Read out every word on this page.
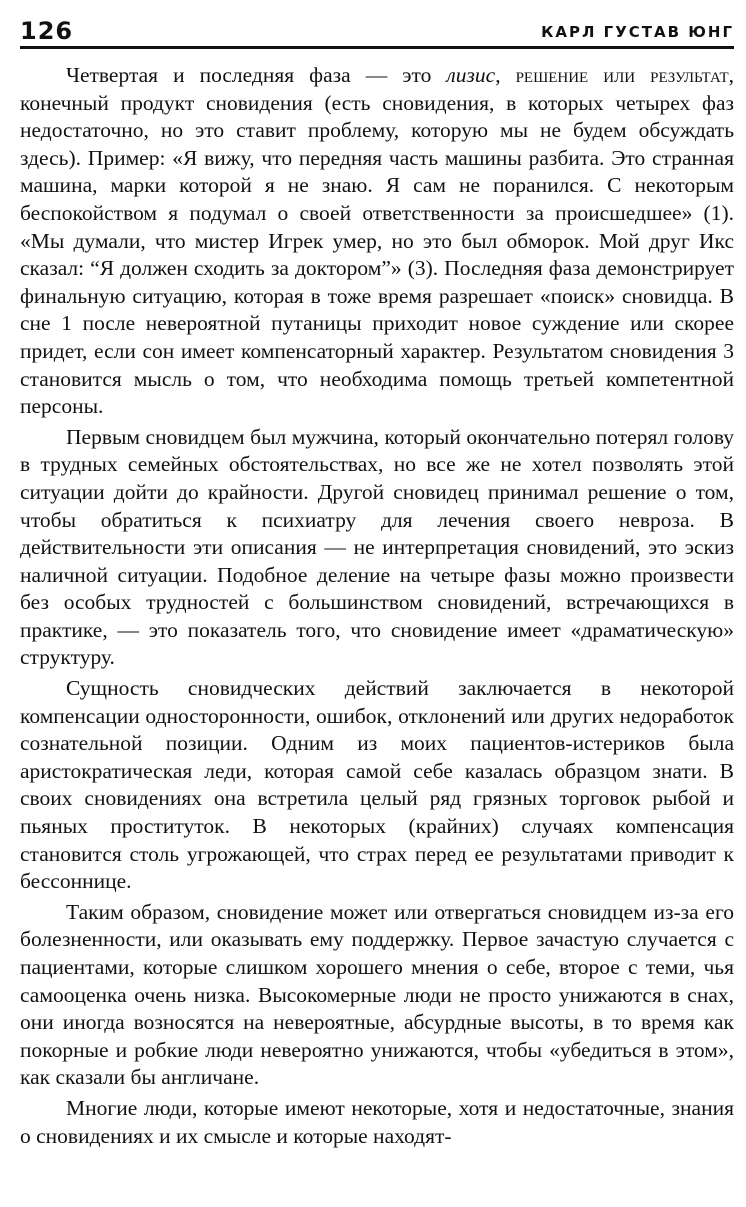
126	КАРЛ ГУСТАВ ЮНГ

Четвертая и последняя фаза — это лизис, решение или результат, конечный продукт сновидения (есть сновидения, в которых четырех фаз недостаточно, но это ставит проблему, которую мы не будем обсуждать здесь). Пример: «Я вижу, что передняя часть машины разбита. Это странная машина, марки которой я не знаю. Я сам не поранился. С некоторым беспокойством я подумал о своей ответственности за происшедшее» (1). «Мы думали, что мистер Игрек умер, но это был обморок. Мой друг Икс сказал: “Я должен сходить за доктором”» (3). Последняя фаза демонстрирует финальную ситуацию, которая в тоже время разрешает «поиск» сновидца. В сне 1 после невероятной путаницы приходит новое суждение или скорее придет, если сон имеет компенсаторный характер. Результатом сновидения 3 становится мысль о том, что необходима помощь третьей компетентной персоны.

Первым сновидцем был мужчина, который окончательно потерял голову в трудных семейных обстоятельствах, но все же не хотел позволять этой ситуации дойти до крайности. Другой сновидец принимал решение о том, чтобы обратиться к психиатру для лечения своего невроза. В действительности эти описания — не интерпретация сновидений, это эскиз наличной ситуации. Подобное деление на четыре фазы можно произвести без особых трудностей с большинством сновидений, встречающихся в практике, — это показатель того, что сновидение имеет «драматическую» структуру.

Сущность сновидческих действий заключается в некоторой компенсации односторонности, ошибок, отклонений или других недоработок сознательной позиции. Одним из моих пациентов-истериков была аристократическая леди, которая самой себе казалась образцом знати. В своих сновидениях она встретила целый ряд грязных торговок рыбой и пьяных проституток. В некоторых (крайних) случаях компенсация становится столь угрожающей, что страх перед ее результатами приводит к бессоннице.

Таким образом, сновидение может или отвергаться сновидцем из-за его болезненности, или оказывать ему поддержку. Первое зачастую случается с пациентами, которые слишком хорошего мнения о себе, второе с теми, чья самооценка очень низка. Высокомерные люди не просто унижаются в снах, они иногда возносятся на невероятные, абсурдные высоты, в то время как покорные и робкие люди невероятно унижаются, чтобы «убедиться в этом», как сказали бы англичане.

Многие люди, которые имеют некоторые, хотя и недостаточные, знания о сновидениях и их смысле и которые находят-
